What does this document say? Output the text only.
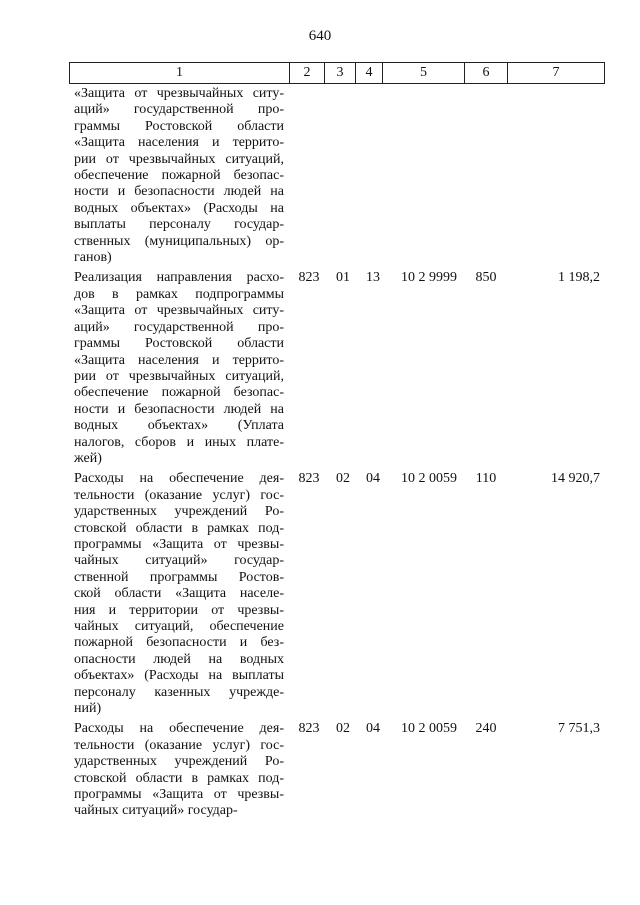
640
1	2	3	4	5	6	7
«Защита от чрезвычайных ситу-
аций» государственной про-
граммы Ростовской области
«Защита населения и террито-
рии от чрезвычайных ситуаций,
обеспечение пожарной безопас-
ности и безопасности людей на
водных объектах» (Расходы на
выплаты персоналу государ-
ственных (муниципальных) ор-
ганов)
Реализация направления расхо-
дов в рамках подпрограммы
«Защита от чрезвычайных ситу-
аций» государственной про-
граммы Ростовской области
«Защита населения и террито-
рии от чрезвычайных ситуаций,
обеспечение пожарной безопас-
ности и безопасности людей на
водных объектах» (Уплата
налогов, сборов и иных плате-
жей)
823	01	13	10 2 9999	850	1 198,2
Расходы на обеспечение дея-
тельности (оказание услуг) гос-
ударственных учреждений Ро-
стовской области в рамках под-
программы «Защита от чрезвы-
чайных ситуаций» государ-
ственной программы Ростов-
ской области «Защита населе-
ния и территории от чрезвы-
чайных ситуаций, обеспечение
пожарной безопасности и без-
опасности людей на водных
объектах» (Расходы на выплаты
персоналу казенных учрежде-
ний)
823	02	04	10 2 0059	110	14 920,7
Расходы на обеспечение дея-
тельности (оказание услуг) гос-
ударственных учреждений Ро-
стовской области в рамках под-
программы «Защита от чрезвы-
чайных ситуаций» государ-
823	02	04	10 2 0059	240	7 751,3
